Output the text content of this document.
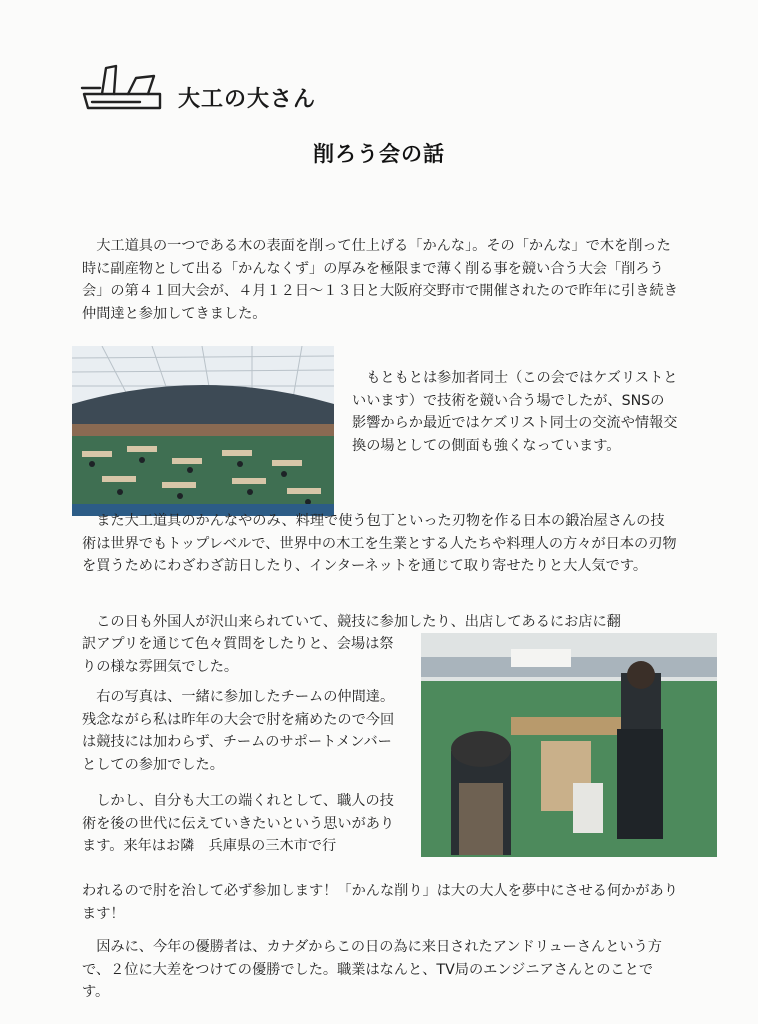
大工の大さん
削ろう会の話

　大工道具の一つである木の表面を削って仕上げる「かんな」。その「かんな」で木を削った時に副産物として出る「かんなくず」の厚みを極限まで薄く削る事を競い合う大会「削ろう会」の第４１回大会が、４月１２日～１３日と大阪府交野市で開催されたので昨年に引き続き仲間達と参加してきました。

　もともとは参加者同士（この会ではケズリストといいます）で技術を競い合う場でしたが、SNSの影響からか最近ではケズリスト同士の交流や情報交換の場としての側面も強くなっています。

　また大工道具のかんなやのみ、料理で使う包丁といった刃物を作る日本の鍛冶屋さんの技術は世界でもトップレベルで、世界中の木工を生業とする人たちや料理人の方々が日本の刃物を買うためにわざわざ訪日したり、インターネットを通じて取り寄せたりと大人気です。

　この日も外国人が沢山来られていて、競技に参加したり、出店してあるにお店に翻

訳アプリを通じて色々質問をしたりと、会場は祭りの様な雰囲気でした。

　右の写真は、一緒に参加したチームの仲間達。残念ながら私は昨年の大会で肘を痛めたので今回は競技には加わらず、チームのサポートメンバーとしての参加でした。

　しかし、自分も大工の端くれとして、職人の技術を後の世代に伝えていきたいという思いがあります。来年はお隣　兵庫県の三木市で行

われるので肘を治して必ず参加します！「かんな削り」は大の大人を夢中にさせる何かがあります！

　因みに、今年の優勝者は、カナダからこの日の為に来日されたアンドリューさんという方で、２位に大差をつけての優勝でした。職業はなんと、TV局のエンジニアさんとのことです。
